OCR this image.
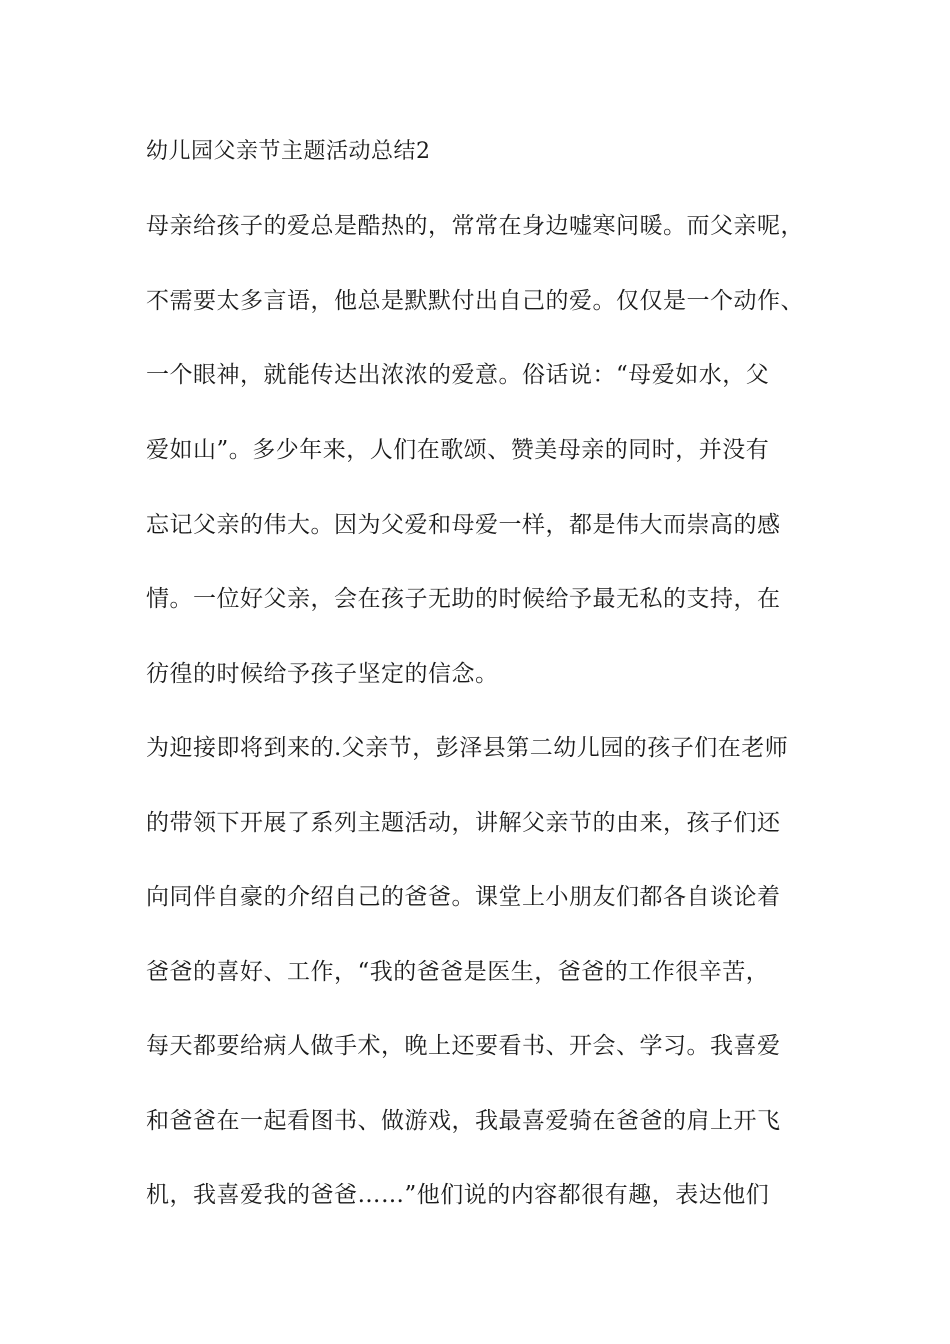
幼儿园父亲节主题活动总结2

母亲给孩子的爱总是酷热的，常常在身边嘘寒问暖。而父亲呢，

不需要太多言语，他总是默默付出自己的爱。仅仅是一个动作、

一个眼神，就能传达出浓浓的爱意。俗话说：“母爱如水，父

爱如山”。多少年来，人们在歌颂、赞美母亲的同时，并没有

忘记父亲的伟大。因为父爱和母爱一样，都是伟大而崇高的感

情。一位好父亲，会在孩子无助的时候给予最无私的支持，在

彷徨的时候给予孩子坚定的信念。

为迎接即将到来的.父亲节，彭泽县第二幼儿园的孩子们在老师

的带领下开展了系列主题活动，讲解父亲节的由来，孩子们还

向同伴自豪的介绍自己的爸爸。课堂上小朋友们都各自谈论着

爸爸的喜好、工作，“我的爸爸是医生，爸爸的工作很辛苦，

每天都要给病人做手术，晚上还要看书、开会、学习。我喜爱

和爸爸在一起看图书、做游戏，我最喜爱骑在爸爸的肩上开飞

机，我喜爱我的爸爸……”他们说的内容都很有趣，表达他们
